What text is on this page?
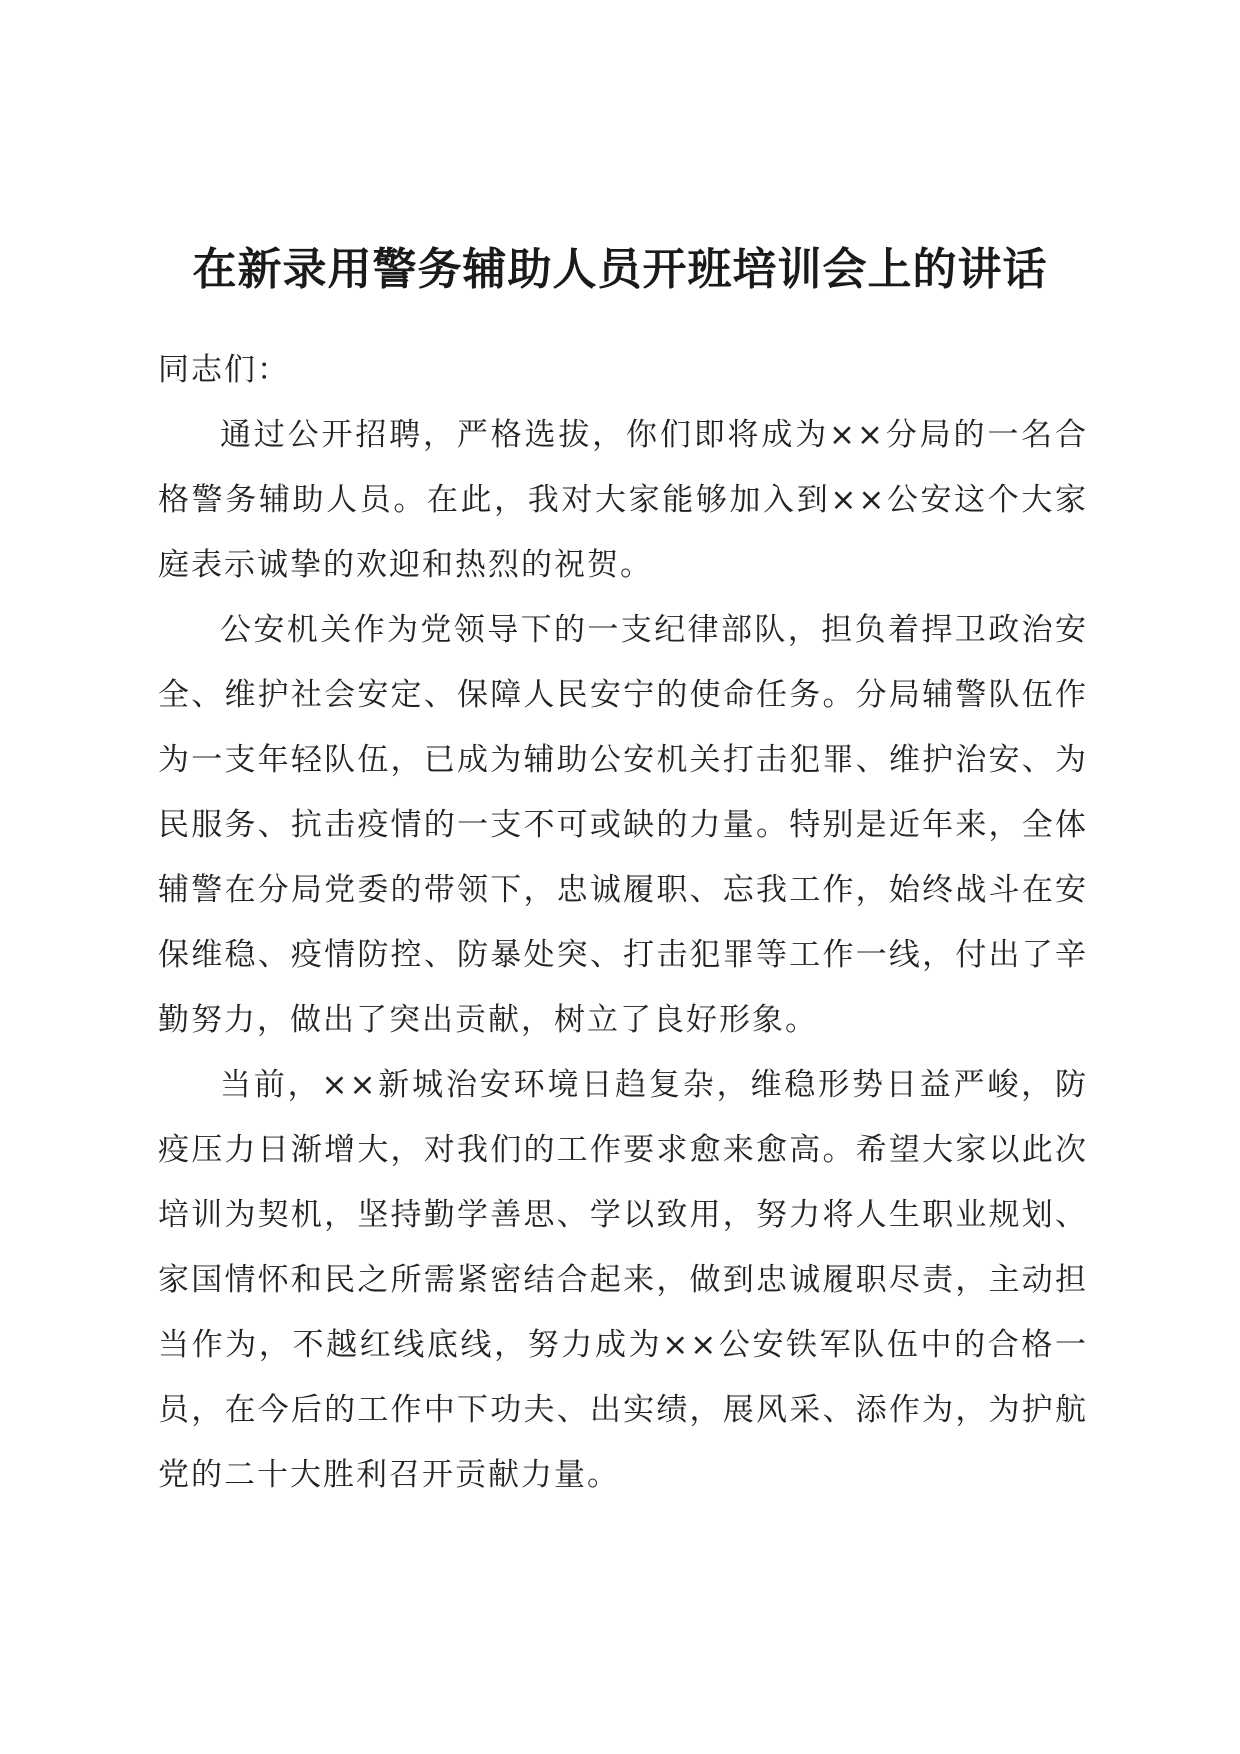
在新录用警务辅助人员开班培训会上的讲话

同志们：

通过公开招聘，严格选拔，你们即将成为××分局的一名合格警务辅助人员。在此，我对大家能够加入到××公安这个大家庭表示诚挚的欢迎和热烈的祝贺。

公安机关作为党领导下的一支纪律部队，担负着捍卫政治安全、维护社会安定、保障人民安宁的使命任务。分局辅警队伍作为一支年轻队伍，已成为辅助公安机关打击犯罪、维护治安、为民服务、抗击疫情的一支不可或缺的力量。特别是近年来，全体辅警在分局党委的带领下，忠诚履职、忘我工作，始终战斗在安保维稳、疫情防控、防暴处突、打击犯罪等工作一线，付出了辛勤努力，做出了突出贡献，树立了良好形象。

当前，××新城治安环境日趋复杂，维稳形势日益严峻，防疫压力日渐增大，对我们的工作要求愈来愈高。希望大家以此次培训为契机，坚持勤学善思、学以致用，努力将人生职业规划、家国情怀和民之所需紧密结合起来，做到忠诚履职尽责，主动担当作为，不越红线底线，努力成为××公安铁军队伍中的合格一员，在今后的工作中下功夫、出实绩，展风采、添作为，为护航党的二十大胜利召开贡献力量。
